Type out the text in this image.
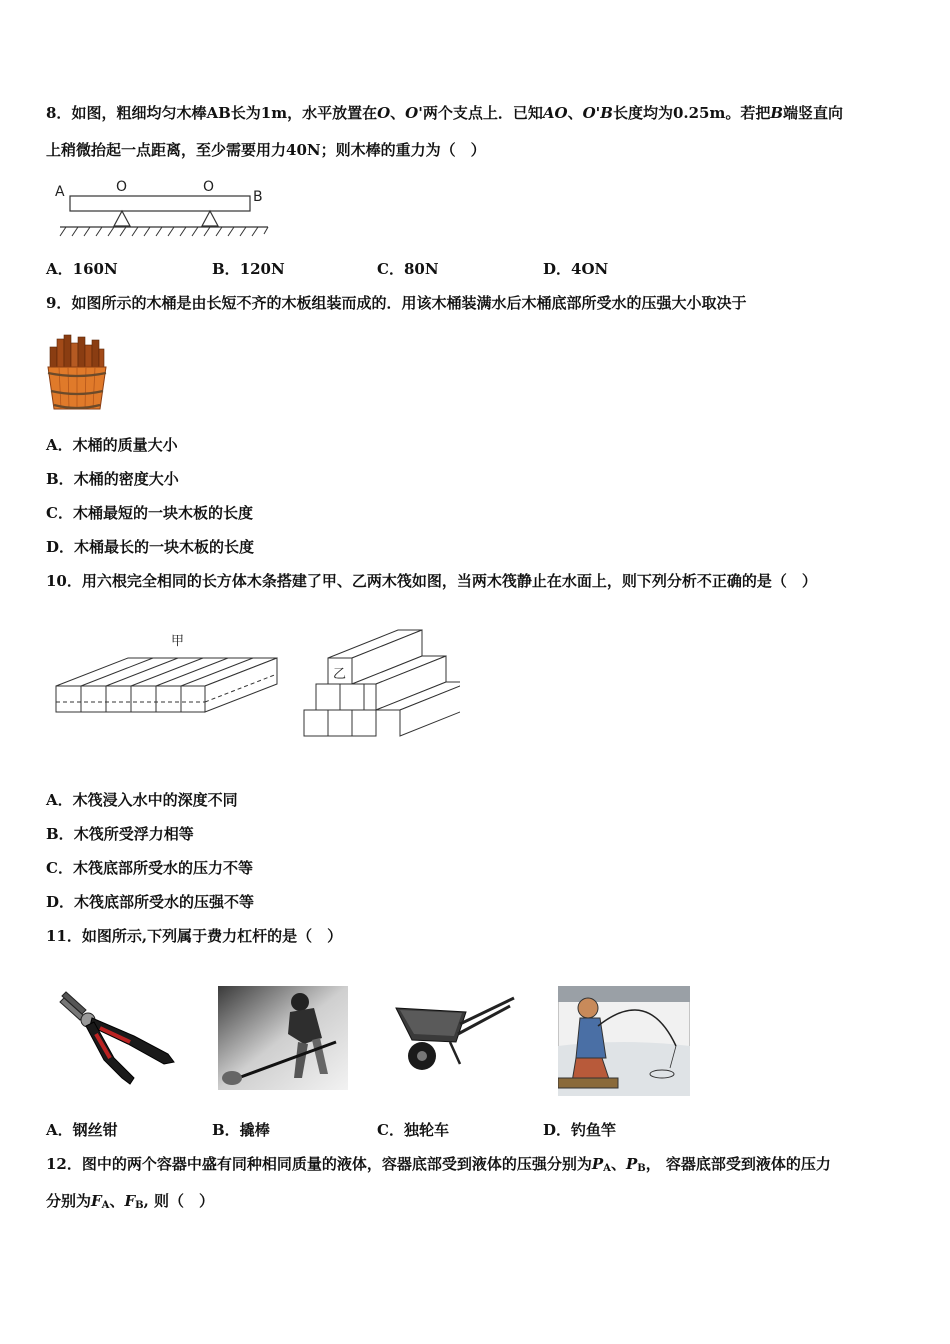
8．如图，粗细均匀木棒AB长为1m，水平放置在O、O'两个支点上．已知AO、O'B长度均为0.25m。若把B端竖直向
上稍微抬起一点距离，至少需要用力40N；则木棒的重力为（　）
A	O	O
B
A．160N	B．120N	C．80N	D．4ON
9．如图所示的木桶是由长短不齐的木板组装而成的．用该木桶装满水后木桶底部所受水的压强大小取决于
A．木桶的质量大小
B．木桶的密度大小
C．木桶最短的一块木板的长度
D．木桶最长的一块木板的长度
10．用六根完全相同的长方体木条搭建了甲、乙两木筏如图，当两木筏静止在水面上，则下列分析不正确的是（　）
甲
乙
A．木筏浸入水中的深度不同
B．木筏所受浮力相等
C．木筏底部所受水的压力不等
D．木筏底部所受水的压强不等
11．如图所示,下列属于费力杠杆的是（　）
A．钢丝钳	B．撬棒	C．独轮车	D．钓鱼竿
12．图中的两个容器中盛有同种相同质量的液体，容器底部受到液体的压强分别为$P_A$、$P_B$， 容器底部受到液体的压力
分别为$F_A$、$F_B$, 则（　）
